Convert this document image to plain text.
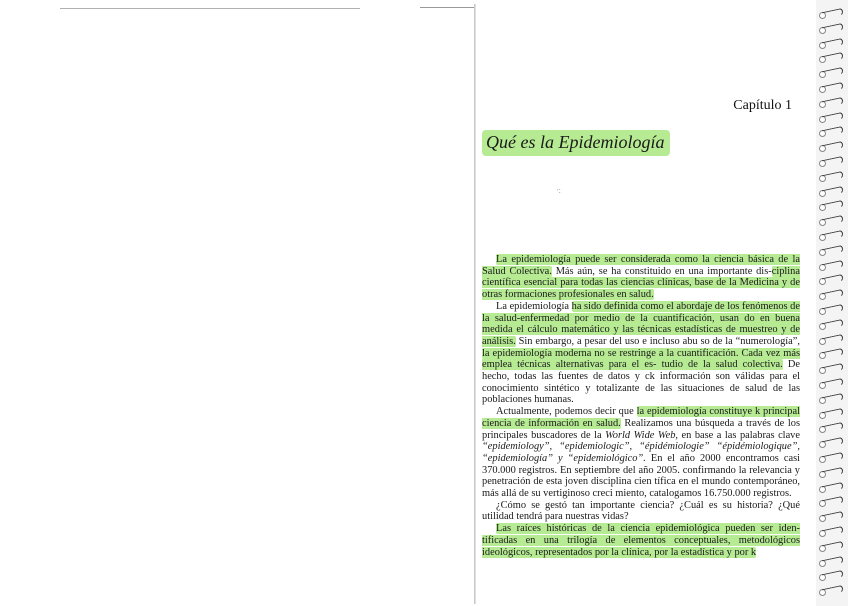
Capítulo 1
Qué es la Epidemiología
·:

La epidemiología puede ser considerada como la ciencia básica de la Salud Colectiva. Más aún, se ha constituido en una importante dis-ciplina científica esencial para todas las ciencias clínicas, base de la Medicina y de otras formaciones profesionales en salud.

La epidemiología ha sido definida como el abordaje de los fenómenos de la salud-enfermedad por medio de la cuantificación, usan do en buena medida el cálculo matemático y las técnicas estadísticas de muestreo y de análisis. Sin embargo, a pesar del uso e incluso abu so de la “numerología”, la epidemiología moderna no se restringe a la cuantificación. Cada vez más emplea técnicas alternativas para el es- tudio de la salud colectiva. De hecho, todas las fuentes de datos y ck información son válidas para el conocimiento sintético y totalizante de las situaciones de salud de las poblaciones humanas.

Actualmente, podemos decir que la epidemiología constituye k principal ciencia de información en salud. Realizamos una búsqueda a través de los principales buscadores de la World Wide Web, en base a las palabras clave “epidemiology”, “epidemiologic”, “épidémiologie” “épidémiologique”, “epidemiología” y “epidemiológico”. En el año 2000 encontramos casi 370.000 registros. En septiembre del año 2005. confirmando la relevancia y penetración de esta joven disciplina cien tífica en el mundo contemporáneo, más allá de su vertiginoso creci miento, catalogamos 16.750.000 registros.

¿Cómo se gestó tan importante ciencia? ¿Cuál es su historia? ¿Qué utilidad tendrá para nuestras vidas?

Las raíces históricas de la ciencia epidemiológica pueden ser iden- tificadas en una trilogía de elementos conceptuales, metodológicos ideológicos, representados por la clínica, por la estadística y por k
